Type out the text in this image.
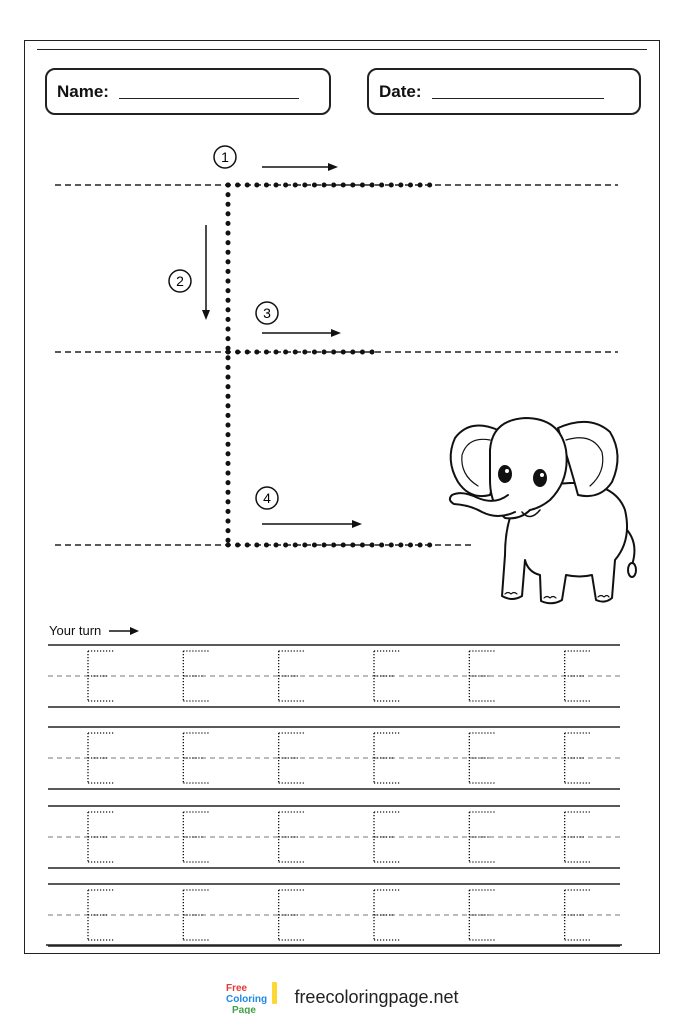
Name:	Date:
1
2
3
4
Your turn
Free
Coloring
Page
freecoloringpage.net
